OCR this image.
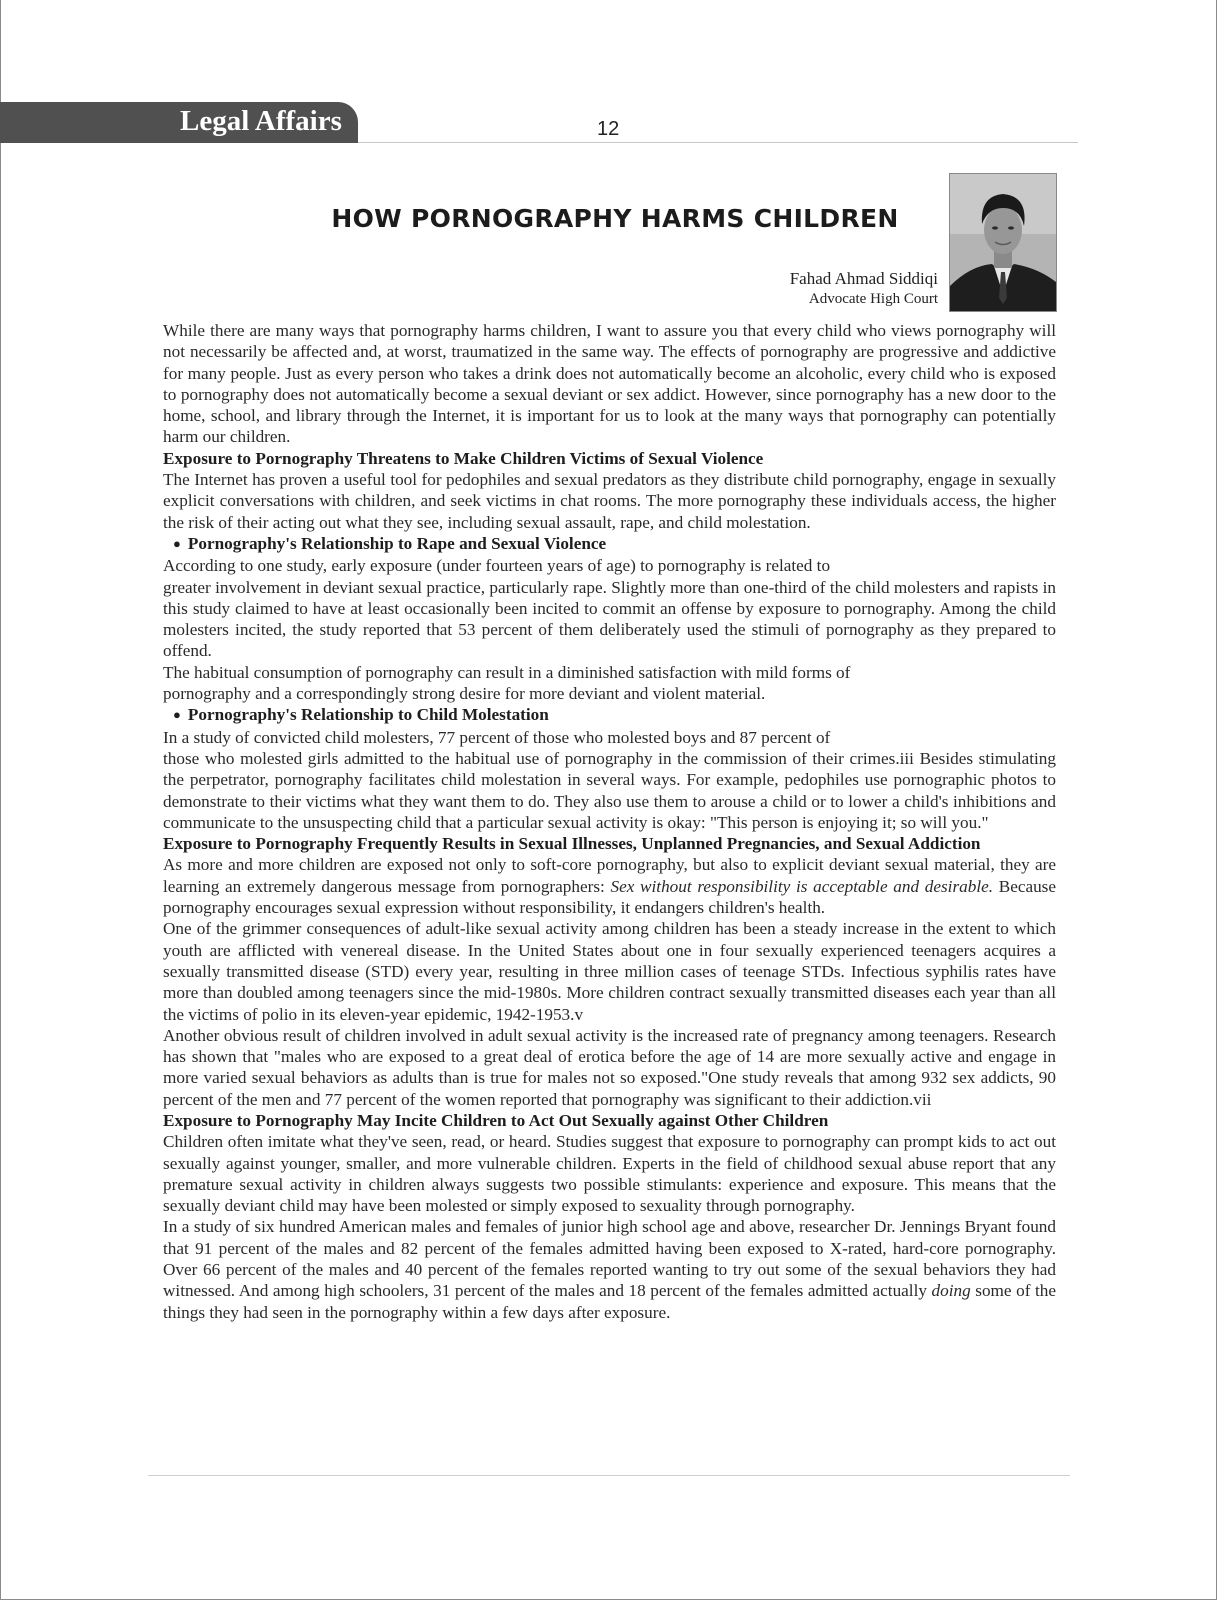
Legal Affairs	12
HOW PORNOGRAPHY HARMS CHILDREN
Fahad Ahmad Siddiqi
Advocate High Court

While there are many ways that pornography harms children, I want to assure you that every child who views pornography will not necessarily be affected and, at worst, traumatized in the same way. The effects of pornography are progressive and addictive for many people. Just as every person who takes a drink does not automatically become an alcoholic, every child who is exposed to pornography does not automatically become a sexual deviant or sex addict. However, since pornography has a new door to the home, school, and library through the Internet, it is important for us to look at the many ways that pornography can potentially harm our children.

Exposure to Pornography Threatens to Make Children Victims of Sexual Violence

The Internet has proven a useful tool for pedophiles and sexual predators as they distribute child pornography, engage in sexually explicit conversations with children, and seek victims in chat rooms. The more pornography these individuals access, the higher the risk of their acting out what they see, including sexual assault, rape, and child molestation.

● Pornography's Relationship to Rape and Sexual Violence

According to one study, early exposure (under fourteen years of age) to pornography is related to

greater involvement in deviant sexual practice, particularly rape. Slightly more than one-third of the child molesters and rapists in this study claimed to have at least occasionally been incited to commit an offense by exposure to pornography. Among the child molesters incited, the study reported that 53 percent of them deliberately used the stimuli of pornography as they prepared to offend.

The habitual consumption of pornography can result in a diminished satisfaction with mild forms of

pornography and a correspondingly strong desire for more deviant and violent material.

● Pornography's Relationship to Child Molestation

In a study of convicted child molesters, 77 percent of those who molested boys and 87 percent of

those who molested girls admitted to the habitual use of pornography in the commission of their crimes.iii Besides stimulating the perpetrator, pornography facilitates child molestation in several ways. For example, pedophiles use pornographic photos to demonstrate to their victims what they want them to do. They also use them to arouse a child or to lower a child's inhibitions and communicate to the unsuspecting child that a particular sexual activity is okay: "This person is enjoying it; so will you."

Exposure to Pornography Frequently Results in Sexual Illnesses, Unplanned Pregnancies, and Sexual Addiction

As more and more children are exposed not only to soft-core pornography, but also to explicit deviant sexual material, they are learning an extremely dangerous message from pornographers: Sex without responsibility is acceptable and desirable. Because pornography encourages sexual expression without responsibility, it endangers children's health.

One of the grimmer consequences of adult-like sexual activity among children has been a steady increase in the extent to which youth are afflicted with venereal disease. In the United States about one in four sexually experienced teenagers acquires a sexually transmitted disease (STD) every year, resulting in three million cases of teenage STDs. Infectious syphilis rates have more than doubled among teenagers since the mid-1980s. More children contract sexually transmitted diseases each year than all the victims of polio in its eleven-year epidemic, 1942-1953.v

Another obvious result of children involved in adult sexual activity is the increased rate of pregnancy among teenagers. Research has shown that "males who are exposed to a great deal of erotica before the age of 14 are more sexually active and engage in more varied sexual behaviors as adults than is true for males not so exposed."One study reveals that among 932 sex addicts, 90 percent of the men and 77 percent of the women reported that pornography was significant to their addiction.vii

Exposure to Pornography May Incite Children to Act Out Sexually against Other Children

Children often imitate what they've seen, read, or heard. Studies suggest that exposure to pornography can prompt kids to act out sexually against younger, smaller, and more vulnerable children. Experts in the field of childhood sexual abuse report that any premature sexual activity in children always suggests two possible stimulants: experience and exposure. This means that the sexually deviant child may have been molested or simply exposed to sexuality through pornography.

In a study of six hundred American males and females of junior high school age and above, researcher Dr. Jennings Bryant found that 91 percent of the males and 82 percent of the females admitted having been exposed to X-rated, hard-core pornography. Over 66 percent of the males and 40 percent of the females reported wanting to try out some of the sexual behaviors they had witnessed. And among high schoolers, 31 percent of the males and 18 percent of the females admitted actually doing some of the things they had seen in the pornography within a few days after exposure.
